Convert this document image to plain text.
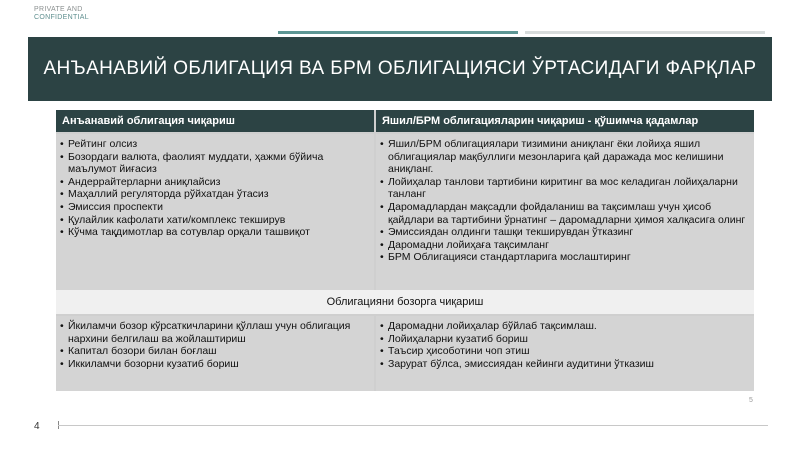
PRIVATE AND
CONFIDENTIAL
АНЪАНАВИЙ ОБЛИГАЦИЯ ВА БРМ ОБЛИГАЦИЯСИ ЎРТАСИДАГИ ФАРҚЛАР
Анъанавий облигация чиқариш	Яшил/БРМ облигацияларин чиқариш - қўшимча қадамлар
• Рейтинг олсиз
• Бозордаги валюта, фаолият муддати, ҳажми бўйича маълумот йиғасиз
• Андеррайтерларни аниқлайсиз
• Маҳаллий регуляторда рўйхатдан ўтасиз
• Эмиссия проспекти
• Қулайлик кафолати хати/комплекс текширув
• Кўчма тақдимотлар ва сотувлар орқали ташвиқот
• Яшил/БРМ облигациялари тизимини аниқланг ёки лойиҳа яшил облигациялар мақбуллиги мезонларига қай даражада мос келишини аниқланг.
• Лойиҳалар танлови тартибини киритинг ва мос келадиган лойиҳаларни танланг
• Даромадлардан мақсадли фойдаланиш ва тақсимлаш учун ҳисоб қайдлари ва тартибини ўрнатинг – даромадларни ҳимоя халқасига олинг
• Эмиссиядан олдинги ташқи текширувдан ўтказинг
• Даромадни лойиҳаға тақсимланг
• БРМ Облигацияси стандартларига мослаштиринг
Облигацияни бозорга чиқариш
• Йкиламчи бозор кўрсаткичларини қўллаш учун облигация нархини белгилаш ва жойлаштириш
• Капитал бозори билан боғлаш
• Иккиламчи бозорни кузатиб бориш
• Даромадни лойиҳалар бўйлаб тақсимлаш.
• Лойиҳаларни кузатиб бориш
• Таъсир ҳисоботини чоп этиш
• Зарурат бўлса, эмиссиядан кейинги аудитини ўтказиш
5
4
